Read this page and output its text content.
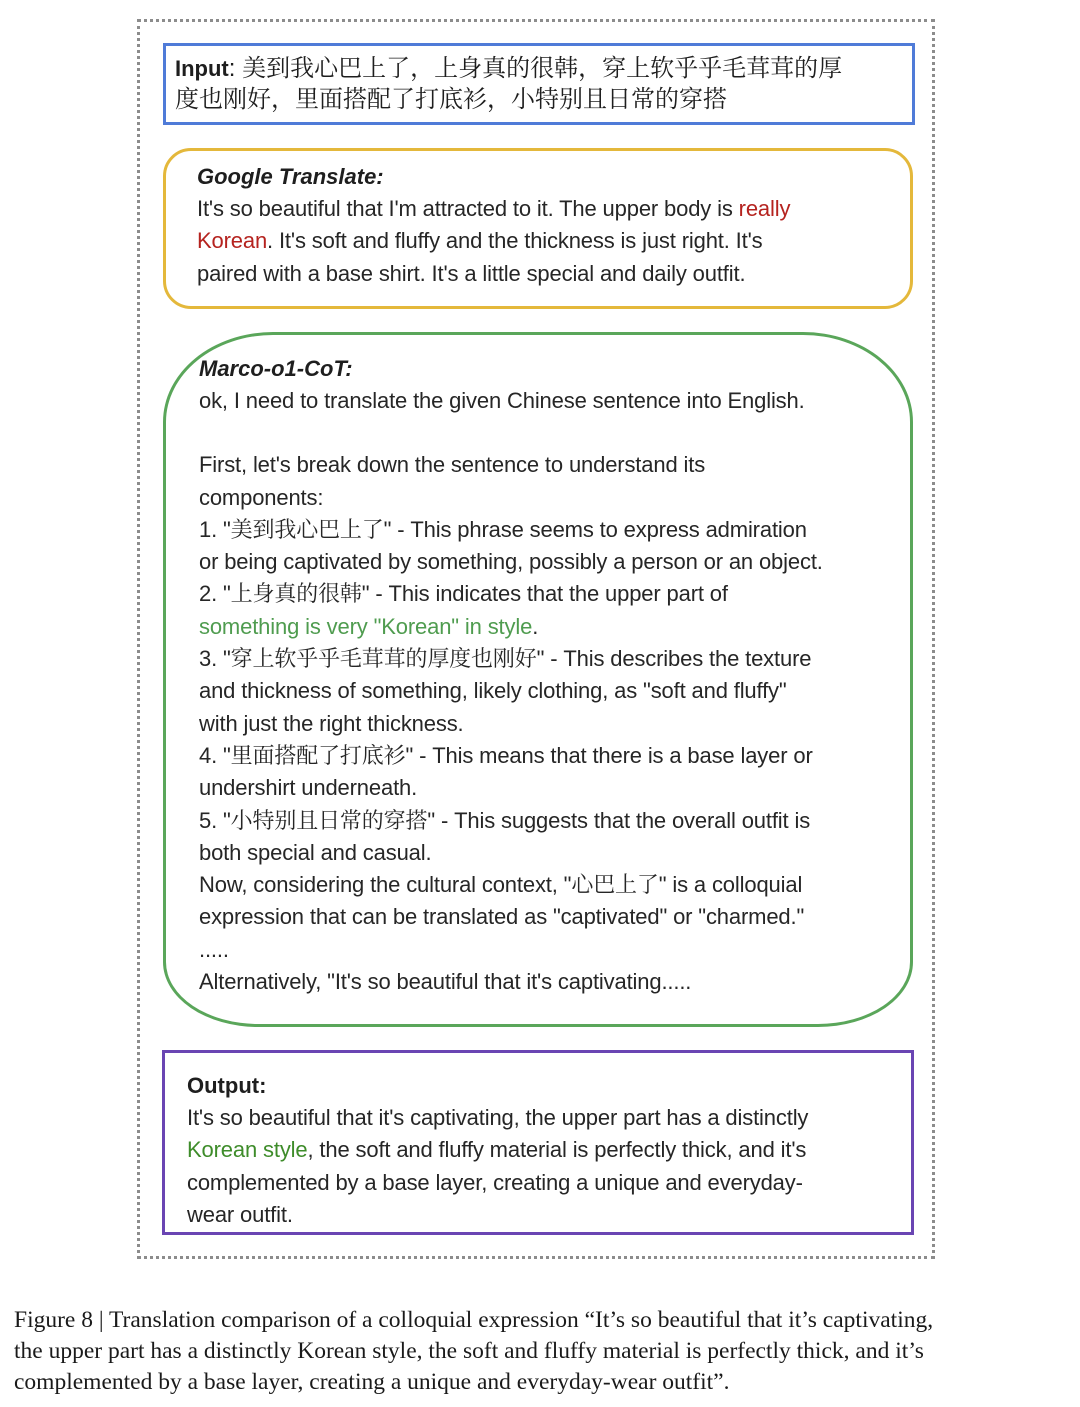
Input: 美到我心巴上了，上身真的很韩，穿上软乎乎毛茸茸的厚
度也刚好，里面搭配了打底衫，小特别且日常的穿搭
Google Translate:
It's so beautiful that I'm attracted to it. The upper body is really
Korean. It's soft and fluffy and the thickness is just right. It's
paired with a base shirt. It's a little special and daily outfit.
Marco-o1-CoT:
ok, I need to translate the given Chinese sentence into English.
First, let's break down the sentence to understand its
components:
1. "美到我心巴上了" - This phrase seems to express admiration
or being captivated by something, possibly a person or an object.
2. "上身真的很韩" - This indicates that the upper part of
something is very "Korean" in style.
3. "穿上软乎乎毛茸茸的厚度也刚好" - This describes the texture
and thickness of something, likely clothing, as "soft and fluffy"
with just the right thickness.
4. "里面搭配了打底衫" - This means that there is a base layer or
undershirt underneath.
5. "小特别且日常的穿搭" - This suggests that the overall outfit is
both special and casual.
Now, considering the cultural context, "心巴上了" is a colloquial
expression that can be translated as "captivated" or "charmed."
.....
Alternatively, "It's so beautiful that it's captivating.....
Output:
It's so beautiful that it's captivating, the upper part has a distinctly
Korean style, the soft and fluffy material is perfectly thick, and it's
complemented by a base layer, creating a unique and everyday-
wear outfit.
Figure 8 | Translation comparison of a colloquial expression “It’s so beautiful that it’s captivating,
the upper part has a distinctly Korean style, the soft and fluffy material is perfectly thick, and it’s
complemented by a base layer, creating a unique and everyday-wear outfit”.
